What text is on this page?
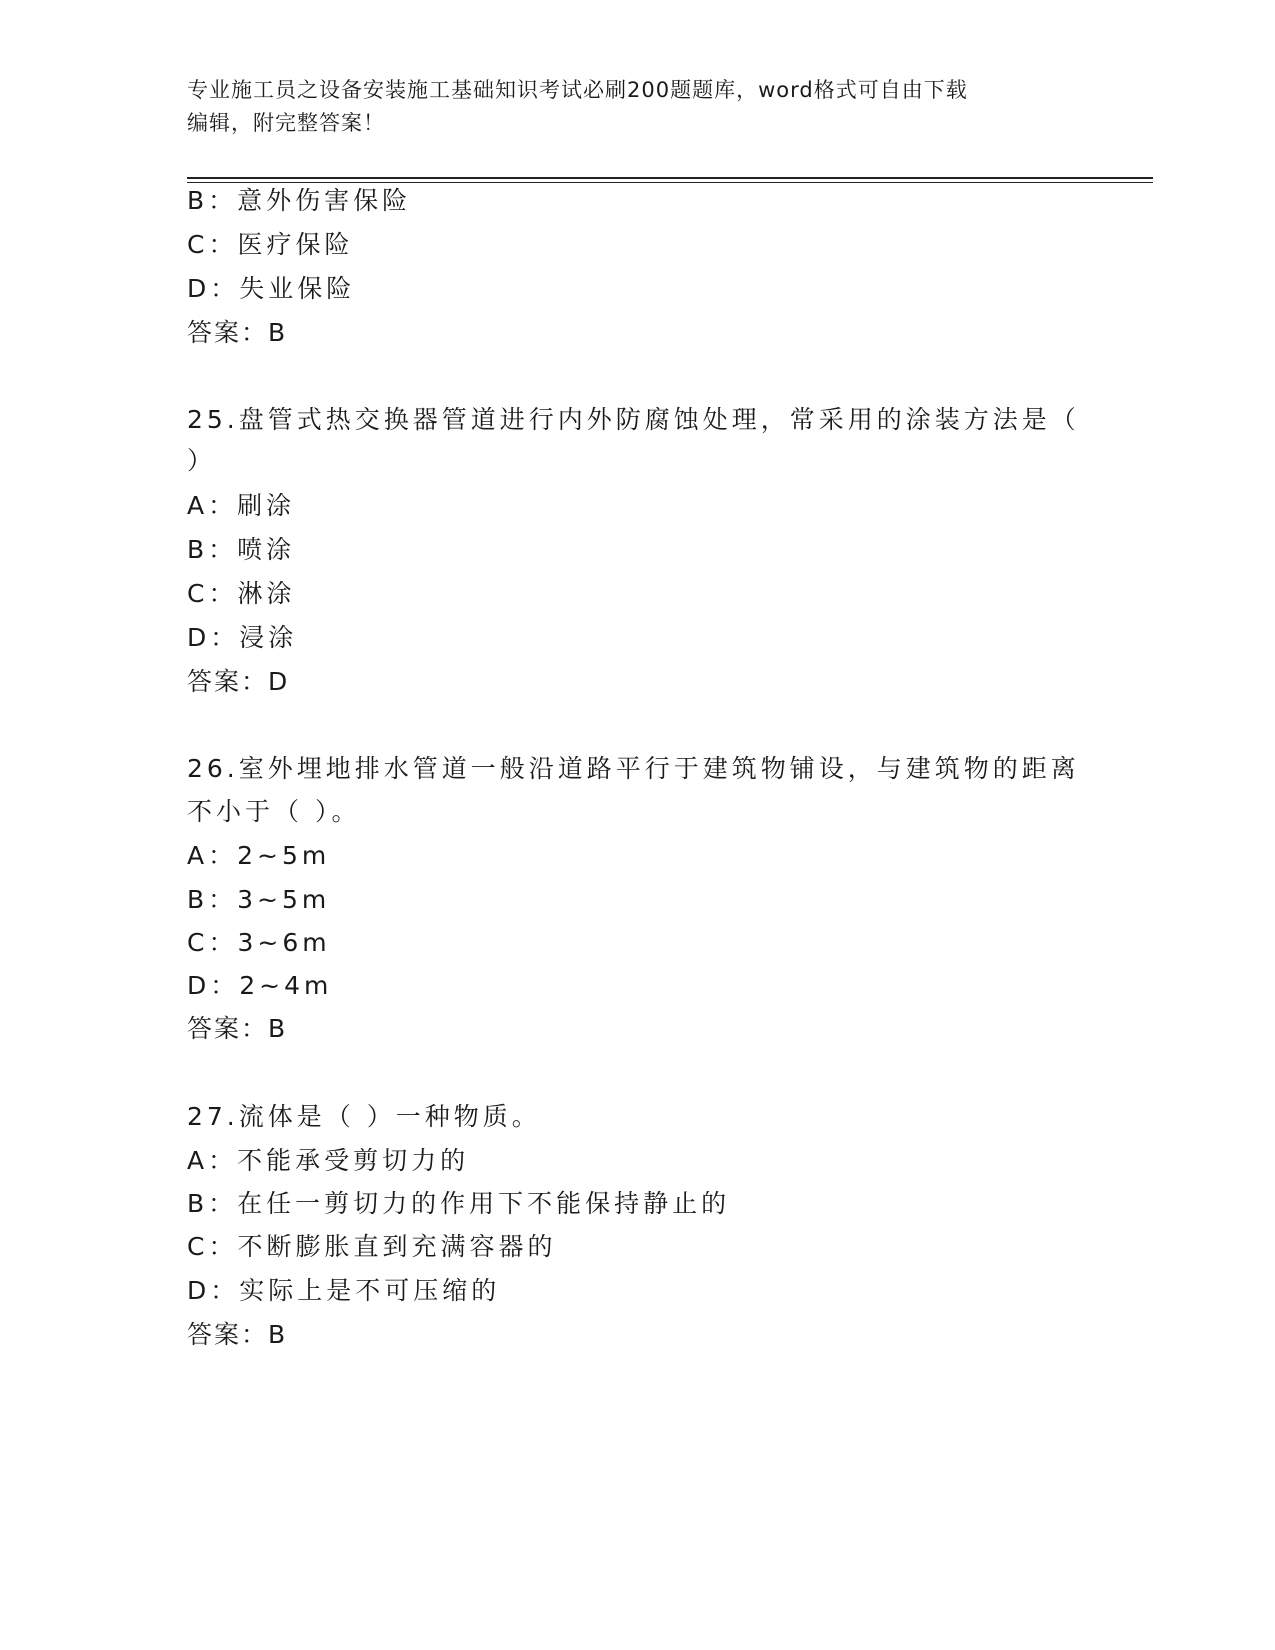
专业施工员之设备安装施工基础知识考试必刷200题题库，word格式可自由下载
编辑，附完整答案！
B：意外伤害保险
C：医疗保险
D：失业保险
答案：B
25.盘管式热交换器管道进行内外防腐蚀处理，常采用的涂装方法是（
）
A：刷涂
B：喷涂
C：淋涂
D：浸涂
答案：D
26.室外埋地排水管道一般沿道路平行于建筑物铺设，与建筑物的距离
不小于（ ）。
A：2~5m
B：3~5m
C：3~6m
D：2~4m
答案：B
27.流体是（ ）一种物质。
A：不能承受剪切力的
B：在任一剪切力的作用下不能保持静止的
C：不断膨胀直到充满容器的
D：实际上是不可压缩的
答案：B
